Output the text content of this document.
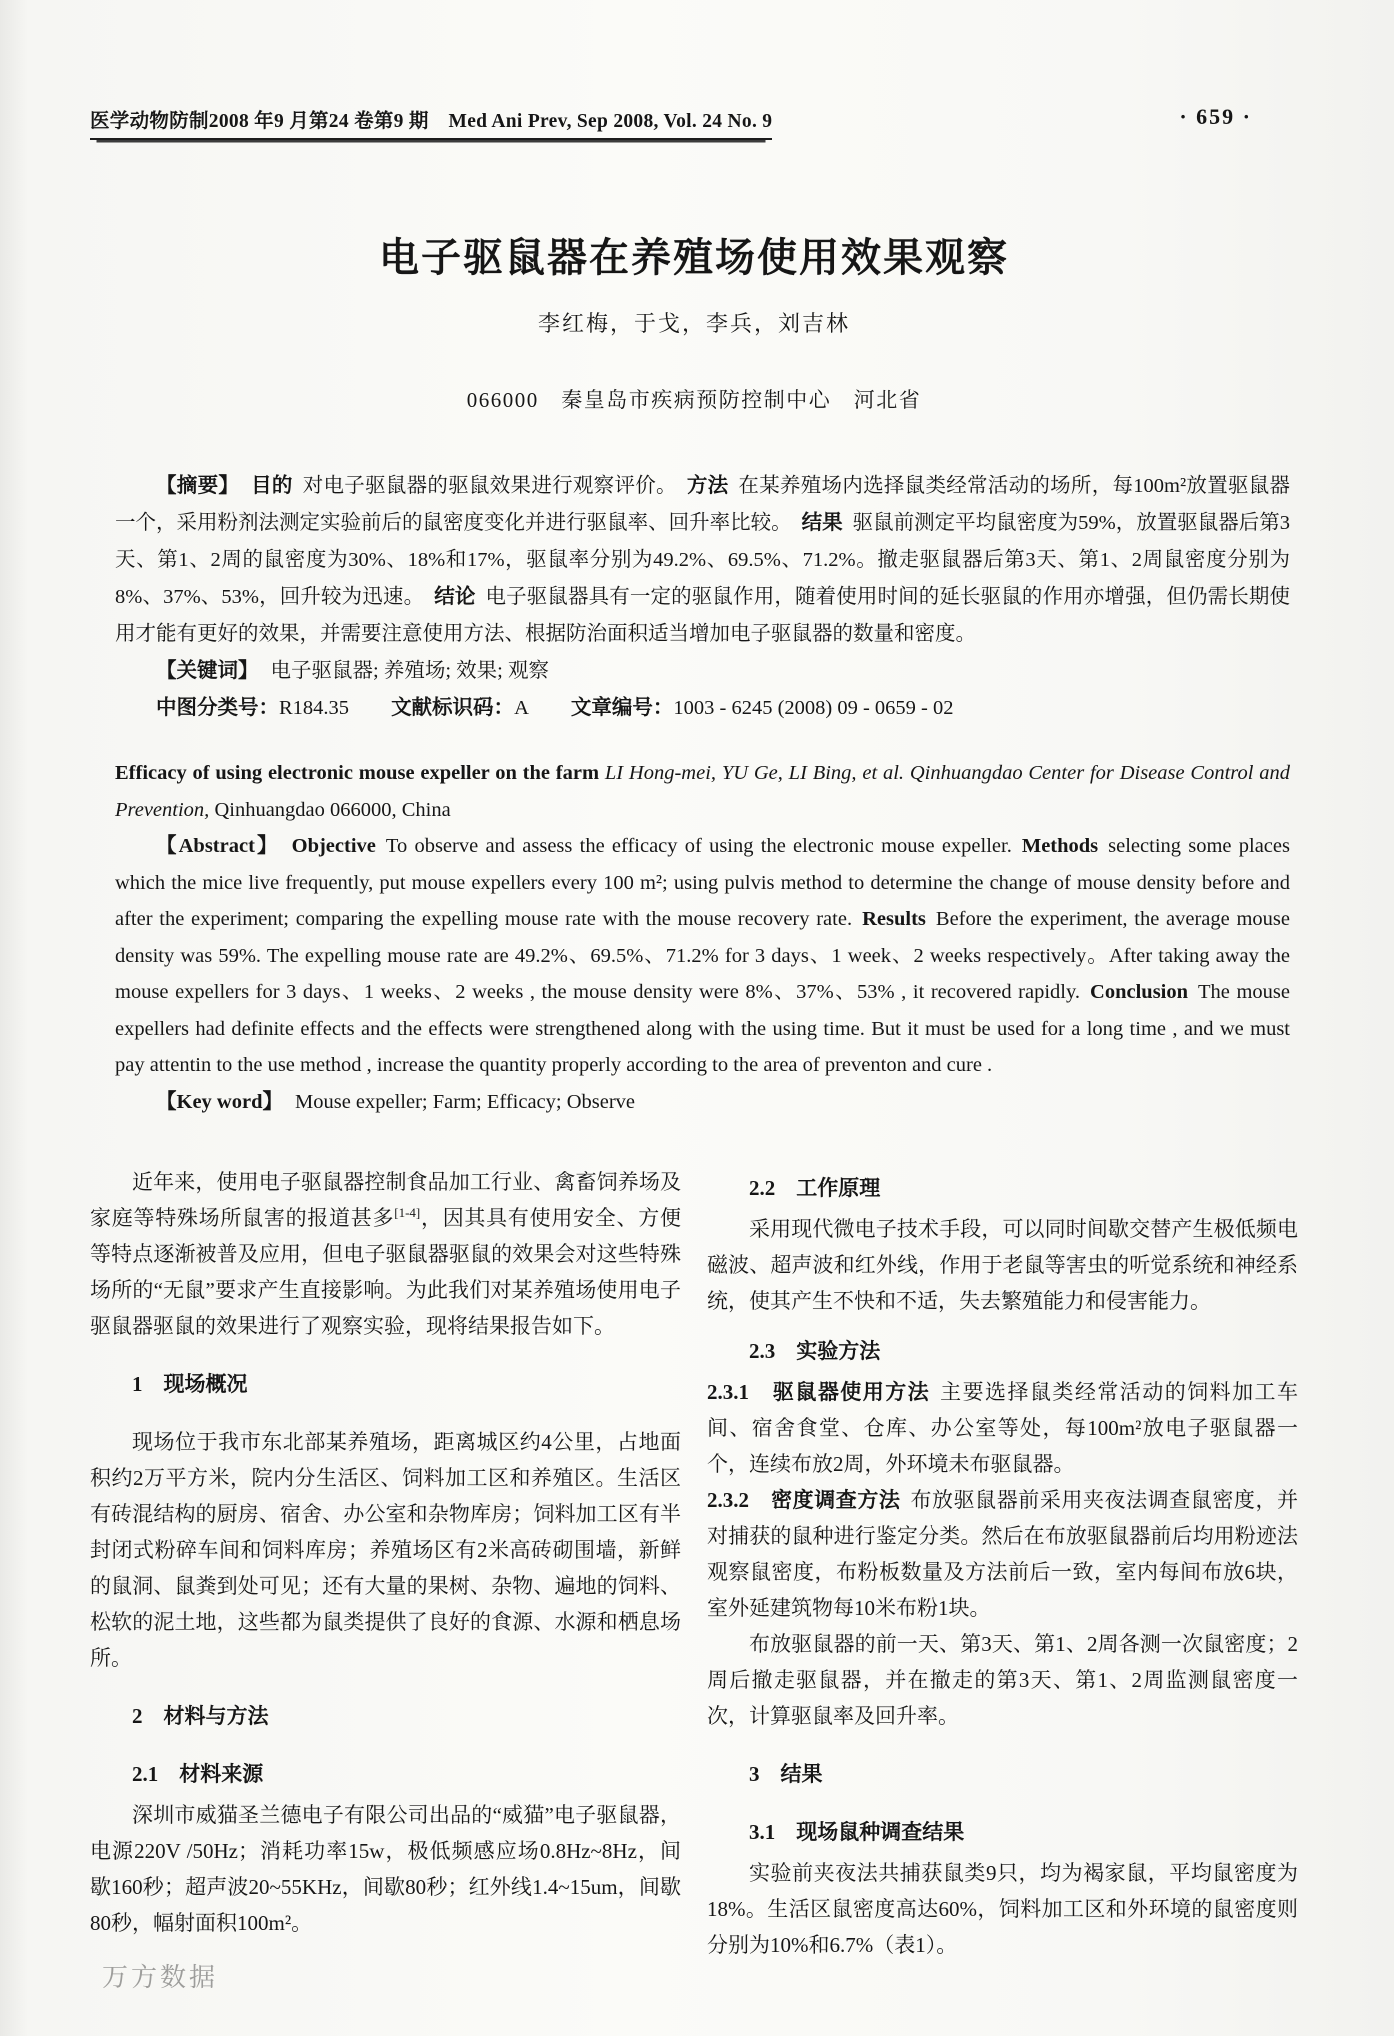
医学动物防制2008 年9 月第24 卷第9 期　Med Ani Prev, Sep 2008, Vol. 24 No. 9	· 659 ·
电子驱鼠器在养殖场使用效果观察
李红梅，于戈，李兵，刘吉林
066000　秦皇岛市疾病预防控制中心　河北省

【摘要】 目的 对电子驱鼠器的驱鼠效果进行观察评价。 方法 在某养殖场内选择鼠类经常活动的场所，每100m²放置驱鼠器一个，采用粉剂法测定实验前后的鼠密度变化并进行驱鼠率、回升率比较。 结果 驱鼠前测定平均鼠密度为59%，放置驱鼠器后第3天、第1、2周的鼠密度为30%、18%和17%，驱鼠率分别为49.2%、69.5%、71.2%。撤走驱鼠器后第3天、第1、2周鼠密度分别为8%、37%、53%，回升较为迅速。 结论 电子驱鼠器具有一定的驱鼠作用，随着使用时间的延长驱鼠的作用亦增强，但仍需长期使用才能有更好的效果，并需要注意使用方法、根据防治面积适当增加电子驱鼠器的数量和密度。

【关键词】 电子驱鼠器; 养殖场; 效果; 观察

中图分类号：R184.35 文献标识码：A 文章编号：1003 - 6245 (2008) 09 - 0659 - 02

Efficacy of using electronic mouse expeller on the farm LI Hong-mei, YU Ge, LI Bing, et al. Qinhuangdao Center for Disease Control and Prevention, Qinhuangdao 066000, China

【Abstract】 Objective To observe and assess the efficacy of using the electronic mouse expeller. Methods selecting some places which the mice live frequently, put mouse expellers every 100 m²; using pulvis method to determine the change of mouse density before and after the experiment; comparing the expelling mouse rate with the mouse recovery rate. Results Before the experiment, the average mouse density was 59%. The expelling mouse rate are 49.2%、69.5%、71.2% for 3 days、1 week、2 weeks respectively。After taking away the mouse expellers for 3 days、1 weeks、2 weeks , the mouse density were 8%、37%、53% , it recovered rapidly. Conclusion The mouse expellers had definite effects and the effects were strengthened along with the using time. But it must be used for a long time , and we must pay attentin to the use method , increase the quantity properly according to the area of preventon and cure .

【Key word】 Mouse expeller; Farm; Efficacy; Observe

近年来，使用电子驱鼠器控制食品加工行业、禽畜饲养场及家庭等特殊场所鼠害的报道甚多[1-4]，因其具有使用安全、方便等特点逐渐被普及应用，但电子驱鼠器驱鼠的效果会对这些特殊场所的“无鼠”要求产生直接影响。为此我们对某养殖场使用电子驱鼠器驱鼠的效果进行了观察实验，现将结果报告如下。

1　现场概况

现场位于我市东北部某养殖场，距离城区约4公里，占地面积约2万平方米，院内分生活区、饲料加工区和养殖区。生活区有砖混结构的厨房、宿舍、办公室和杂物库房；饲料加工区有半封闭式粉碎车间和饲料库房；养殖场区有2米高砖砌围墙，新鲜的鼠洞、鼠粪到处可见；还有大量的果树、杂物、遍地的饲料、松软的泥土地，这些都为鼠类提供了良好的食源、水源和栖息场所。

2　材料与方法

2.1　材料来源

深圳市威猫圣兰德电子有限公司出品的“威猫”电子驱鼠器，电源220V /50Hz；消耗功率15w，极低频感应场0.8Hz~8Hz，间歇160秒；超声波20~55KHz，间歇80秒；红外线1.4~15um，间歇80秒，幅射面积100m²。

2.2　工作原理

采用现代微电子技术手段，可以同时间歇交替产生极低频电磁波、超声波和红外线，作用于老鼠等害虫的听觉系统和神经系统，使其产生不快和不适，失去繁殖能力和侵害能力。

2.3　实验方法

2.3.1　驱鼠器使用方法 主要选择鼠类经常活动的饲料加工车间、宿舍食堂、仓库、办公室等处，每100m²放电子驱鼠器一个，连续布放2周，外环境未布驱鼠器。

2.3.2　密度调查方法 布放驱鼠器前采用夹夜法调查鼠密度，并对捕获的鼠种进行鉴定分类。然后在布放驱鼠器前后均用粉迹法观察鼠密度，布粉板数量及方法前后一致，室内每间布放6块，室外延建筑物每10米布粉1块。

布放驱鼠器的前一天、第3天、第1、2周各测一次鼠密度；2周后撤走驱鼠器，并在撤走的第3天、第1、2周监测鼠密度一次，计算驱鼠率及回升率。

3　结果

3.1　现场鼠种调查结果

实验前夹夜法共捕获鼠类9只，均为褐家鼠，平均鼠密度为18%。生活区鼠密度高达60%，饲料加工区和外环境的鼠密度则分别为10%和6.7%（表1）。

万方数据
